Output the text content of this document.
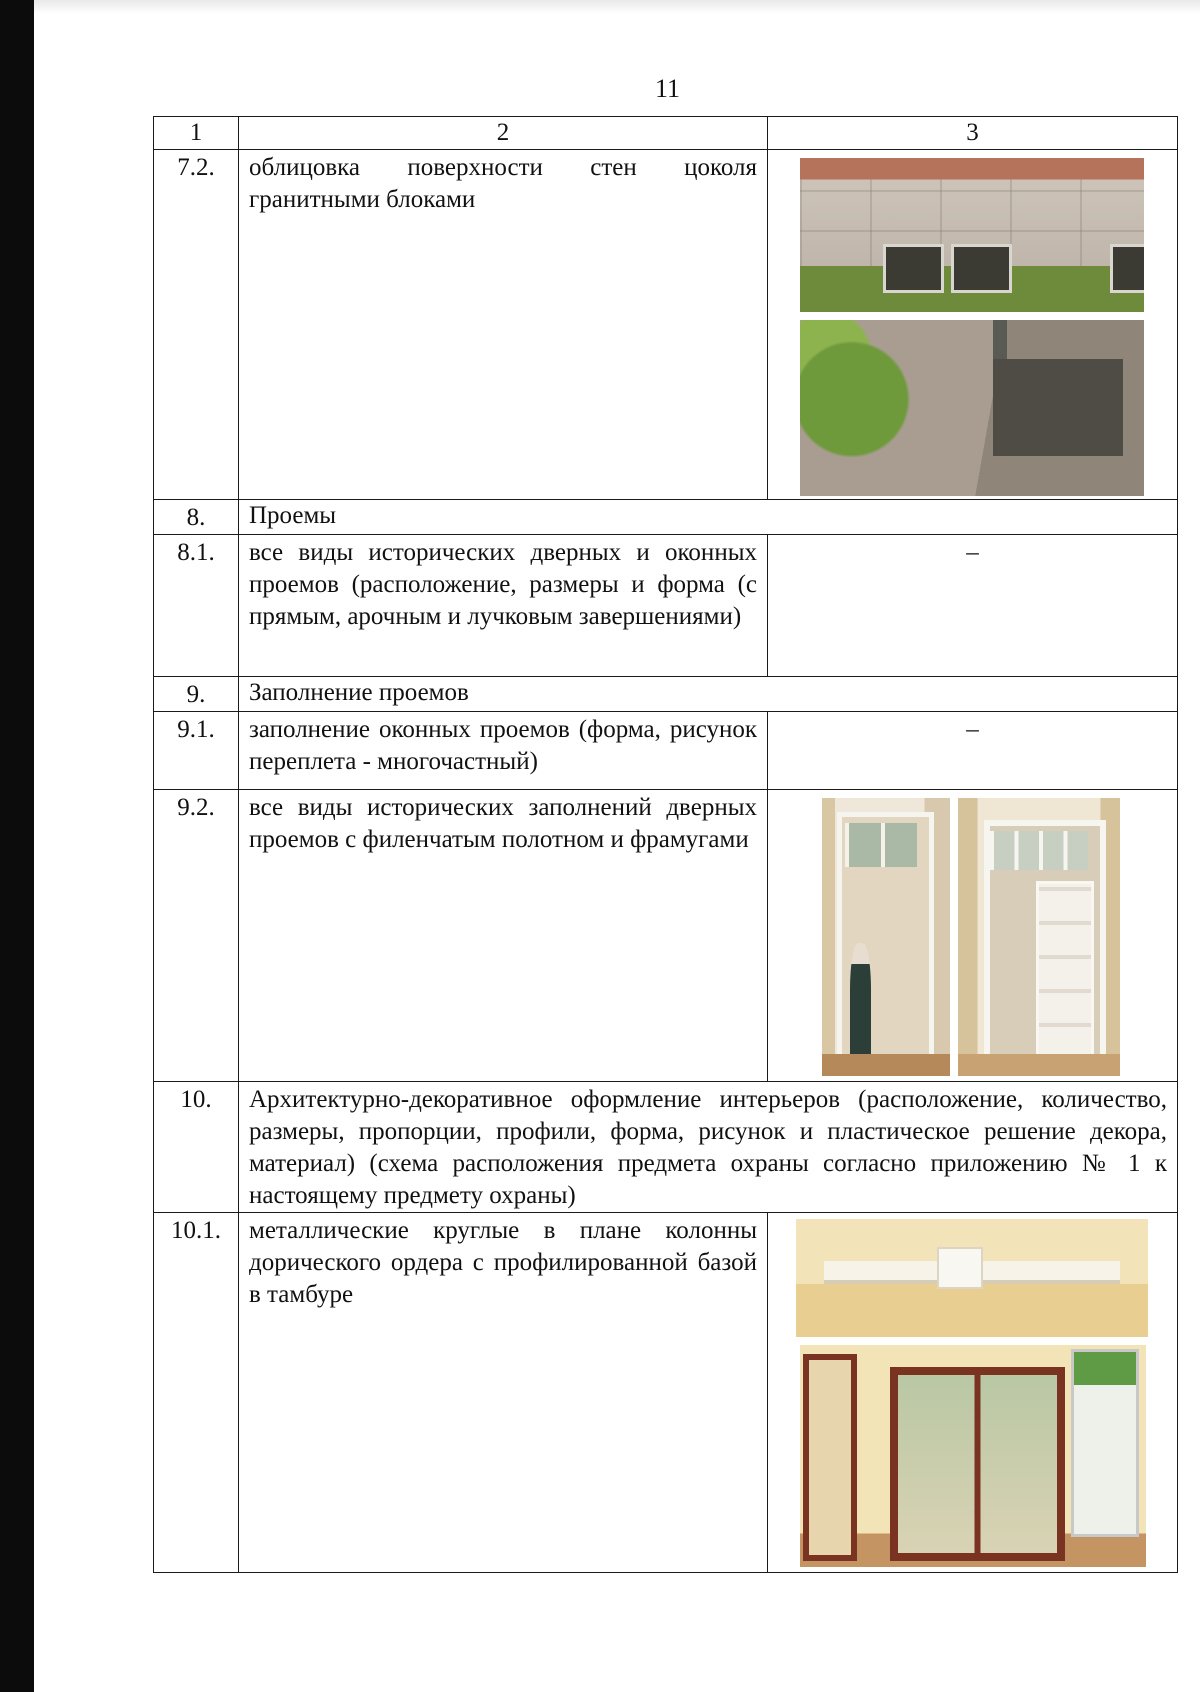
11
1	2	3
7.2.	облицовка поверхности стен цоколя гранитными блоками	

8.	Проемы	
8.1.	все виды исторических дверных и оконных проемов (расположение, размеры и форма (с прямым, арочным и лучковым завершениями)	–
9.	Заполнение проемов	
9.1.	заполнение оконных проемов (форма, рисунок переплета - многочастный)	–
9.2.	все виды исторических заполнений дверных проемов с филенчатым полотном и фрамугами	

10.	Архитектурно-декоративное оформление интерьеров (расположение, количество, размеры, пропорции, профили, форма, рисунок и пластическое решение декора, материал) (схема расположения предмета охраны согласно приложению № 1 к настоящему предмету охраны)	
10.1.	металлические круглые в плане колонны дорического ордера с профилированной базой в тамбуре	
